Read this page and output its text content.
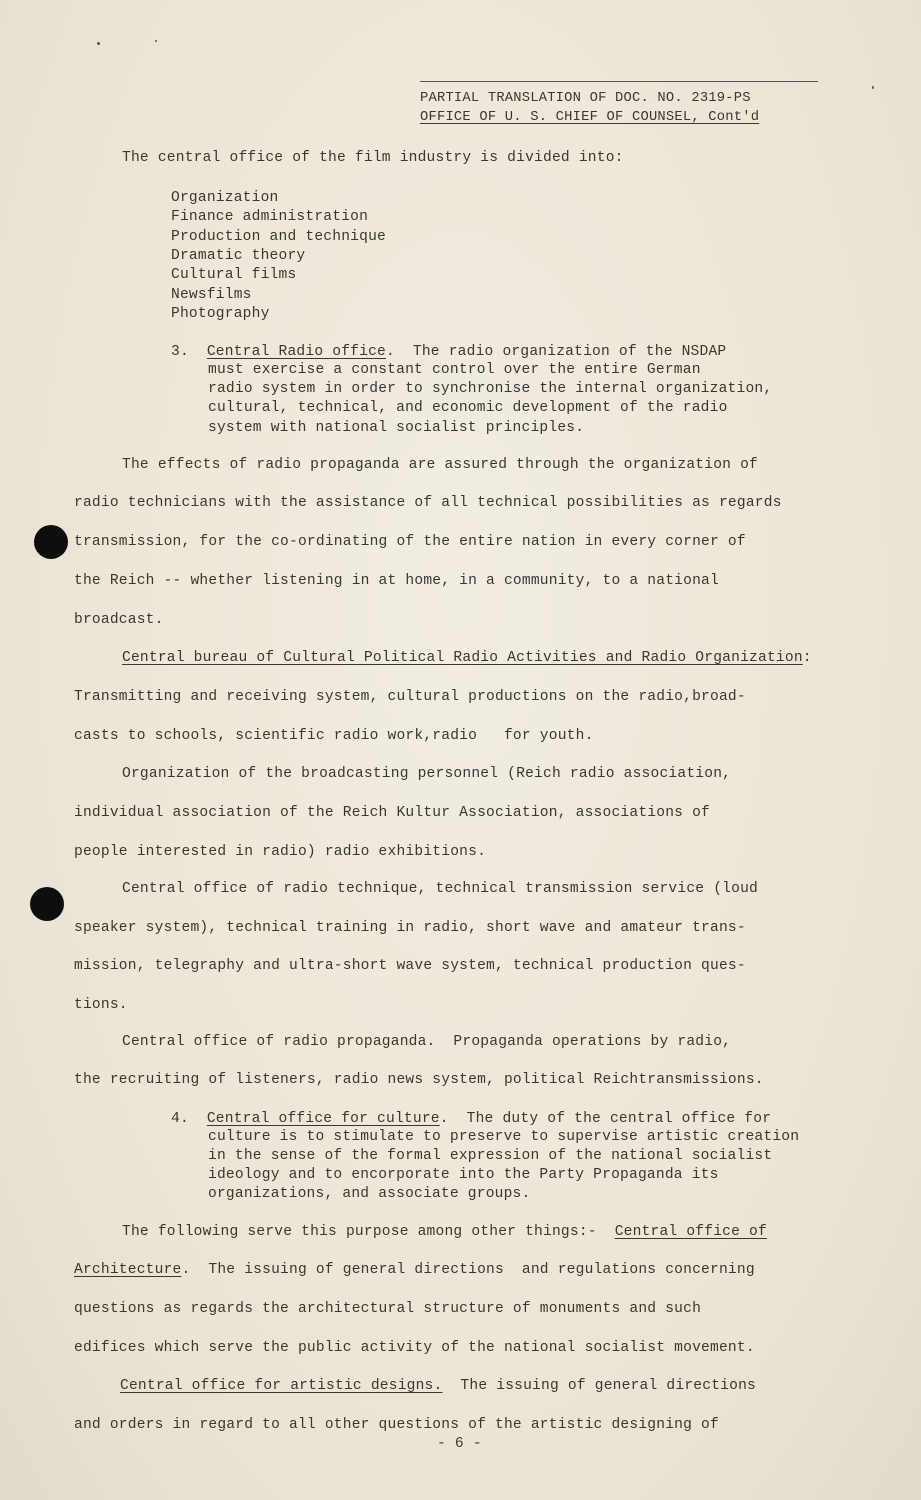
PARTIAL TRANSLATION OF DOC. NO. 2319-PS
OFFICE OF U. S. CHIEF OF COUNSEL, Cont'd
The central office of the film industry is divided into:
Organization
Finance administration
Production and technique
Dramatic theory
Cultural films
Newsfilms
Photography
3. Central Radio office.  The radio organization of the NSDAP
must exercise a constant control over the entire German
radio system in order to synchronise the internal organization,
cultural, technical, and economic development of the radio
system with national socialist principles.
The effects of radio propaganda are assured through the organization of
radio technicians with the assistance of all technical possibilities as regards
transmission, for the co-ordinating of the entire nation in every corner of
the Reich -- whether listening in at home, in a community, to a national
broadcast.
Central bureau of Cultural Political Radio Activities and Radio Organization:
Transmitting and receiving system, cultural productions on the radio,broad-
casts to schools, scientific radio work,radio   for youth.
Organization of the broadcasting personnel (Reich radio association,
individual association of the Reich Kultur Association, associations of
people interested in radio) radio exhibitions.
Central office of radio technique, technical transmission service (loud
speaker system), technical training in radio, short wave and amateur trans-
mission, telegraphy and ultra-short wave system, technical production ques-
tions.
Central office of radio propaganda.  Propaganda operations by radio,
the recruiting of listeners, radio news system, political Reichtransmissions.
4. Central office for culture.  The duty of the central office for
culture is to stimulate to preserve to supervise artistic creation
in the sense of the formal expression of the national socialist
ideology and to encorporate into the Party Propaganda its
organizations, and associate groups.
The following serve this purpose among other things:-  Central office of
Architecture.  The issuing of general directions  and regulations concerning
questions as regards the architectural structure of monuments and such
edifices which serve the public activity of the national socialist movement.
Central office for artistic designs.  The issuing of general directions
and orders in regard to all other questions of the artistic designing of
- 6 -
